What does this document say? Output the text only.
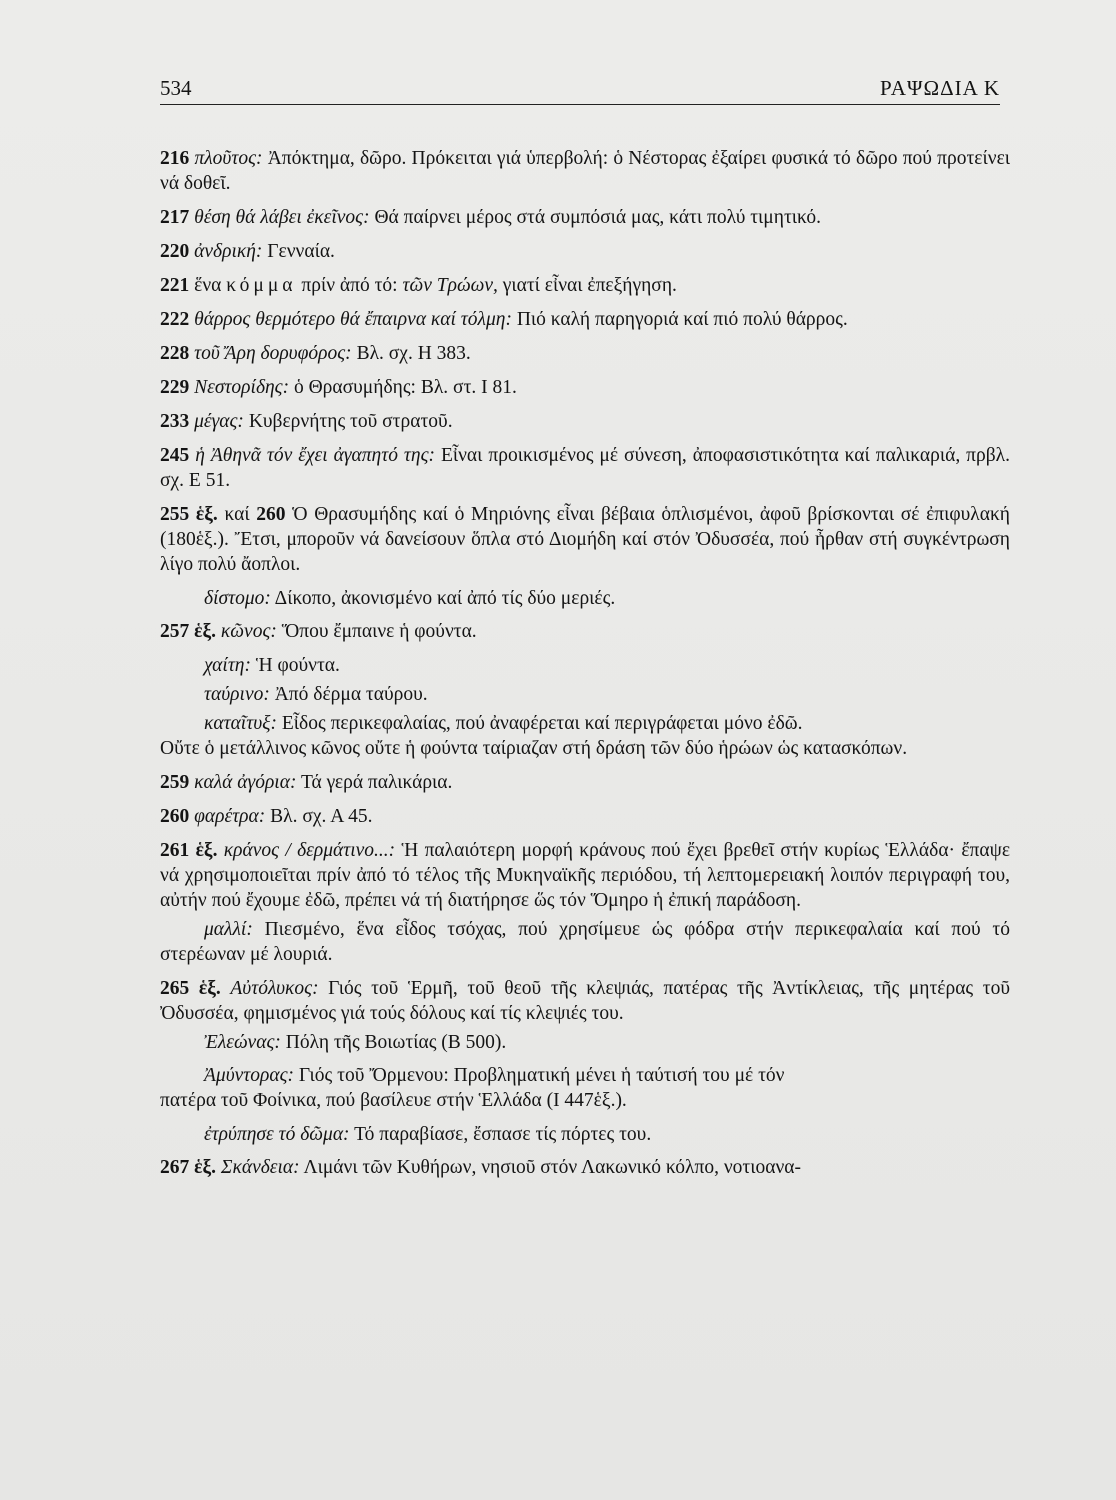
534	ΡΑΨΩΔΙΑ Κ

216 πλοῦτος: Ἀπόκτημα, δῶρο. Πρόκειται γιά ὑπερβολή: ὁ Νέστορας ἐξαίρει φυσικά τό δῶρο πού προτείνει νά δοθεῖ.

217 θέση θά λάβει ἐκεῖνος: Θά παίρνει μέρος στά συμπόσιά μας, κάτι πολύ τιμητικό.

220 ἀνδρική: Γενναία.

221 ἕνα κόμμα πρίν ἀπό τό: τῶν Τρώων, γιατί εἶναι ἐπεξήγηση.

222 θάρρος θερμότερο θά ἔπαιρνα καί τόλμη: Πιό καλή παρηγοριά καί πιό πολύ θάρρος.

228 τοῦ Ἄρη δορυφόρος: Βλ. σχ. Η 383.

229 Νεστορίδης: ὁ Θρασυμήδης: Βλ. στ. Ι 81.

233 μέγας: Κυβερνήτης τοῦ στρατοῦ.

245 ἡ Ἀθηνᾶ τόν ἔχει ἀγαπητό της: Εἶναι προικισμένος μέ σύνεση, ἀποφασιστικότητα καί παλικαριά, πρβλ. σχ. Ε 51.

255 ἑξ. καί 260 Ὁ Θρασυμήδης καί ὁ Μηριόνης εἶναι βέβαια ὁπλισμένοι, ἀφοῦ βρίσκονται σέ ἐπιφυλακή (180ἑξ.). Ἔτσι, μποροῦν νά δανείσουν ὅπλα στό Διομήδη καί στόν Ὀδυσσέα, πού ἦρθαν στή συγκέντρωση λίγο πολύ ἄοπλοι.

δίστομο: Δίκοπο, ἀκονισμένο καί ἀπό τίς δύο μεριές.

257 ἑξ. κῶνος: Ὅπου ἔμπαινε ἡ φούντα.

χαίτη: Ἡ φούντα.

ταύρινο: Ἀπό δέρμα ταύρου.

καταῖτυξ: Εἶδος περικεφαλαίας, πού ἀναφέρεται καί περιγράφεται μόνο ἐδῶ.
Οὔτε ὁ μετάλλινος κῶνος οὔτε ἡ φούντα ταίριαζαν στή δράση τῶν δύο ἡρώων ὡς κατασκόπων.

259 καλά ἀγόρια: Τά γερά παλικάρια.

260 φαρέτρα: Βλ. σχ. Α 45.

261 ἑξ. κράνος / δερμάτινο...: Ἡ παλαιότερη μορφή κράνους πού ἔχει βρεθεῖ στήν κυρίως Ἑλλάδα· ἔπαψε νά χρησιμοποιεῖται πρίν ἀπό τό τέλος τῆς Μυκηναϊκῆς περιόδου, τή λεπτομερειακή λοιπόν περιγραφή του, αὐτήν πού ἔχουμε ἐδῶ, πρέπει νά τή διατήρησε ὥς τόν Ὅμηρο ἡ ἐπική παράδοση.

μαλλί: Πιεσμένο, ἕνα εἶδος τσόχας, πού χρησίμευε ὡς φόδρα στήν περικεφαλαία καί πού τό στερέωναν μέ λουριά.

265 ἑξ. Αὐτόλυκος: Γιός τοῦ Ἑρμῆ, τοῦ θεοῦ τῆς κλεψιάς, πατέρας τῆς Ἀντίκλειας, τῆς μητέρας τοῦ Ὀδυσσέα, φημισμένος γιά τούς δόλους καί τίς κλεψιές του.

Ἐλεώνας: Πόλη τῆς Βοιωτίας (Β 500).

Ἀμύντορας: Γιός τοῦ Ὄρμενου: Προβληματική μένει ἡ ταύτισή του μέ τόν
πατέρα τοῦ Φοίνικα, πού βασίλευε στήν Ἑλλάδα (Ι 447ἑξ.).

ἐτρύπησε τό δῶμα: Τό παραβίασε, ἔσπασε τίς πόρτες του.

267 ἑξ. Σκάνδεια: Λιμάνι τῶν Κυθήρων, νησιοῦ στόν Λακωνικό κόλπο, νοτιοανα-
